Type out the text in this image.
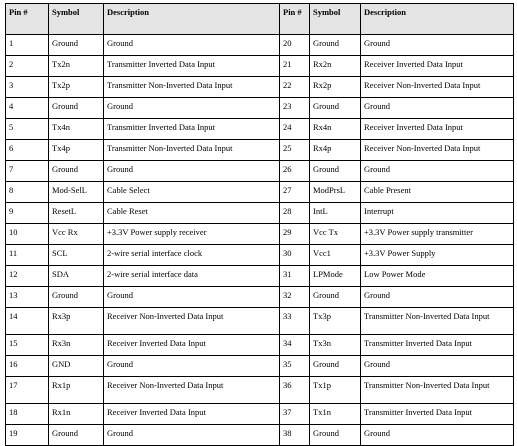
Pin #	Symbol	Description	Pin #	Symbol	Description
1	Ground	Ground	20	Ground	Ground
2	Tx2n	Transmitter Inverted Data Input	21	Rx2n	Receiver Inverted Data Input
3	Tx2p	Transmitter Non-Inverted Data Input	22	Rx2p	Receiver Non-Inverted Data Input
4	Ground	Ground	23	Ground	Ground
5	Tx4n	Transmitter Inverted Data Input	24	Rx4n	Receiver Inverted Data Input
6	Tx4p	Transmitter Non-Inverted Data Input	25	Rx4p	Receiver Non-Inverted Data Input
7	Ground	Ground	26	Ground	Ground
8	Mod-SelL	Cable Select	27	ModPrsL	Cable Present
9	ResetL	Cable Reset	28	IntL	Interrupt
10	Vcc Rx	+3.3V Power supply receiver	29	Vcc Tx	+3.3V Power supply transmitter
11	SCL	2-wire serial interface clock	30	Vcc1	+3.3V Power Supply
12	SDA	2-wire serial interface data	31	LPMode	Low Power Mode
13	Ground	Ground	32	Ground	Ground
14	Rx3p	Receiver Non-Inverted Data Input	33	Tx3p	Transmitter Non-Inverted Data Input
15	Rx3n	Receiver Inverted Data Input	34	Tx3n	Transmitter Inverted Data Input
16	GND	Ground	35	Ground	Ground
17	Rx1p	Receiver Non-Inverted Data Input	36	Tx1p	Transmitter Non-Inverted Data Input
18	Rx1n	Receiver Inverted Data Input	37	Tx1n	Transmitter Inverted Data Input
19	Ground	Ground	38	Ground	Ground
